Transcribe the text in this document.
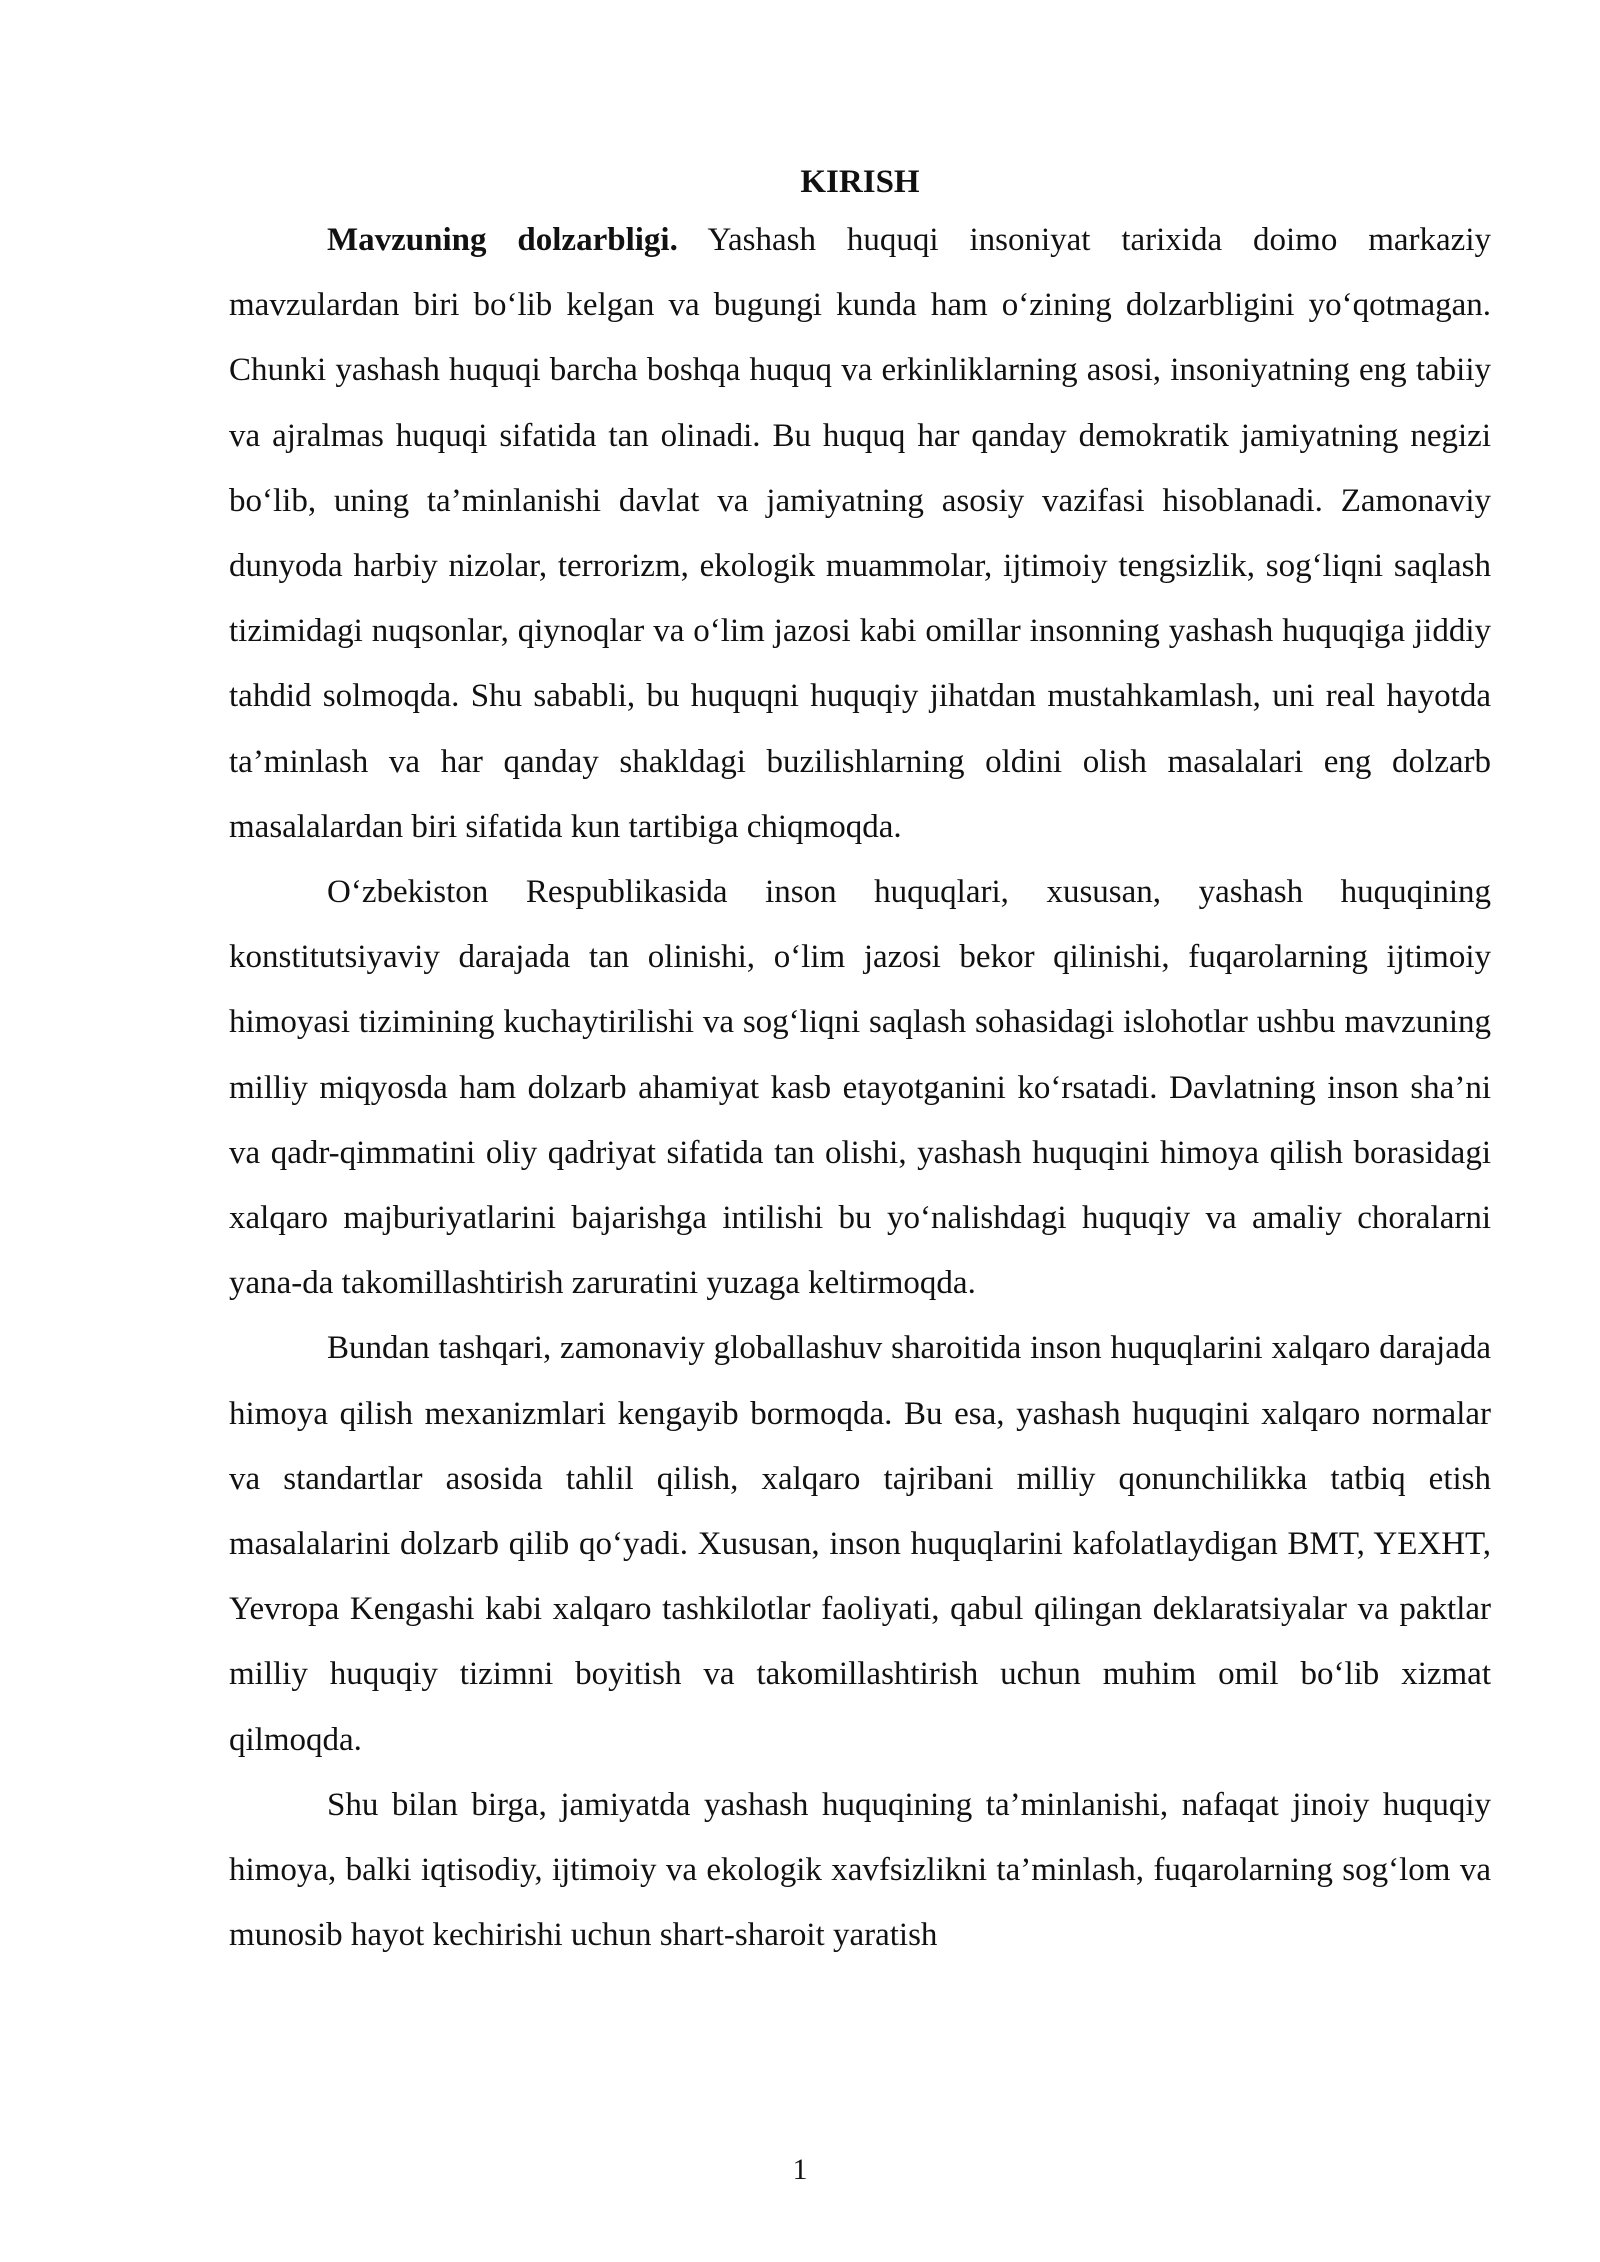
KIRISH

Mavzuning dolzarbligi. Yashash huquqi insoniyat tarixida doimo markaziy mavzulardan biri bo‘lib kelgan va bugungi kunda ham o‘zining dolzarbligini yo‘qotmagan. Chunki yashash huquqi barcha boshqa huquq va erkinliklarning asosi, insoniyatning eng tabiiy va ajralmas huquqi sifatida tan olinadi. Bu huquq har qanday demokratik jamiyatning negizi bo‘lib, uning ta’minlanishi davlat va jamiyatning asosiy vazifasi hisoblanadi. Zamonaviy dunyoda harbiy nizolar, terrorizm, ekologik muammolar, ijtimoiy tengsizlik, sog‘liqni saqlash tizimidagi nuqsonlar, qiynoqlar va o‘lim jazosi kabi omillar insonning yashash huquqiga jiddiy tahdid solmoqda. Shu sababli, bu huquqni huquqiy jihatdan mustahkamlash, uni real hayotda ta’minlash va har qanday shakldagi buzilishlarning oldini olish masalalari eng dolzarb masalalardan biri sifatida kun tartibiga chiqmoqda.

O‘zbekiston Respublikasida inson huquqlari, xususan, yashash huquqining konstitutsiyaviy darajada tan olinishi, o‘lim jazosi bekor qilinishi, fuqarolarning ijtimoiy himoyasi tizimining kuchaytirilishi va sog‘liqni saqlash sohasidagi islohotlar ushbu mavzuning milliy miqyosda ham dolzarb ahamiyat kasb etayotganini ko‘rsatadi. Davlatning inson sha’ni va qadr-qimmatini oliy qadriyat sifatida tan olishi, yashash huquqini himoya qilish borasidagi xalqaro majburiyatlarini bajarishga intilishi bu yo‘nalishdagi huquqiy va amaliy choralarni yana-da takomillashtirish zaruratini yuzaga keltirmoqda.

Bundan tashqari, zamonaviy globallashuv sharoitida inson huquqlarini xalqaro darajada himoya qilish mexanizmlari kengayib bormoqda. Bu esa, yashash huquqini xalqaro normalar va standartlar asosida tahlil qilish, xalqaro tajribani milliy qonunchilikka tatbiq etish masalalarini dolzarb qilib qo‘yadi. Xususan, inson huquqlarini kafolatlaydigan BMT, YEXHT, Yevropa Kengashi kabi xalqaro tashkilotlar faoliyati, qabul qilingan deklaratsiyalar va paktlar milliy huquqiy tizimni boyitish va takomillashtirish uchun muhim omil bo‘lib xizmat qilmoqda.

Shu bilan birga, jamiyatda yashash huquqining ta’minlanishi, nafaqat jinoiy huquqiy himoya, balki iqtisodiy, ijtimoiy va ekologik xavfsizlikni ta’minlash, fuqarolarning sog‘lom va munosib hayot kechirishi uchun shart-sharoit yaratish

1
